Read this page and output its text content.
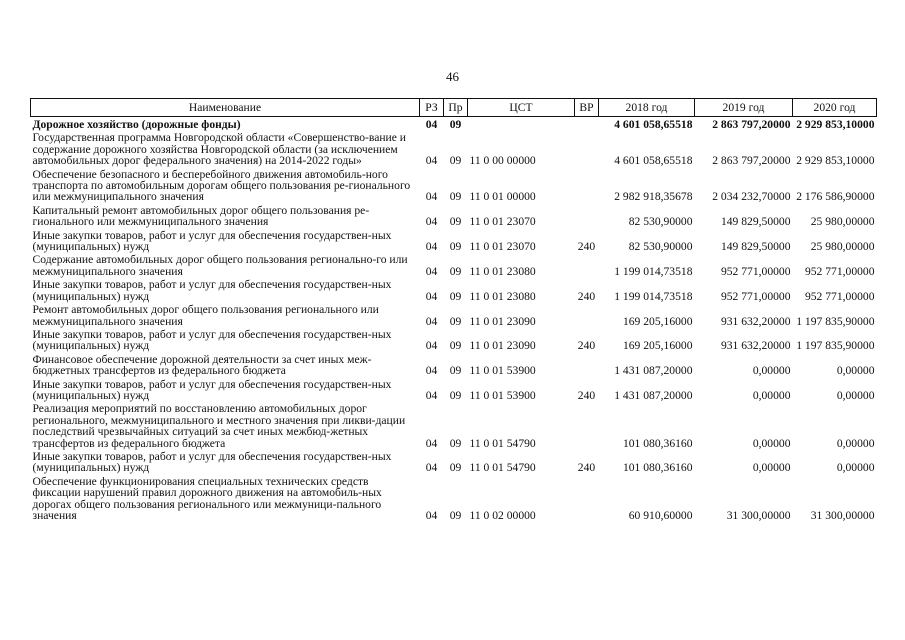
46
Наименование	РЗ	Пр	ЦСТ	ВР	2018 год	2019 год	2020 год
Дорожное хозяйство (дорожные фонды)	04	09			4 601 058,65518	2 863 797,20000	2 929 853,10000
Государственная программа Новгородской области «Совершенство-вание и содержание дорожного хозяйства Новгородской области (за исключением автомобильных дорог федерального значения) на 2014-2022 годы»	04	09	11 0 00 00000		4 601 058,65518	2 863 797,20000	2 929 853,10000
Обеспечение безопасного и бесперебойного движения автомобиль-ного транспорта по автомобильным дорогам общего пользования ре-гионального или межмуниципального значения	04	09	11 0 01 00000		2 982 918,35678	2 034 232,70000	2 176 586,90000
Капитальный ремонт автомобильных дорог общего пользования ре-гионального или межмуниципального значения	04	09	11 0 01 23070		82 530,90000	149 829,50000	25 980,00000
Иные закупки товаров, работ и услуг для обеспечения государствен-ных (муниципальных) нужд	04	09	11 0 01 23070	240	82 530,90000	149 829,50000	25 980,00000
Содержание автомобильных дорог общего пользования регионально-го или межмуниципального значения	04	09	11 0 01 23080		1 199 014,73518	952 771,00000	952 771,00000
Иные закупки товаров, работ и услуг для обеспечения государствен-ных (муниципальных) нужд	04	09	11 0 01 23080	240	1 199 014,73518	952 771,00000	952 771,00000
Ремонт автомобильных дорог общего пользования регионального или межмуниципального значения	04	09	11 0 01 23090		169 205,16000	931 632,20000	1 197 835,90000
Иные закупки товаров, работ и услуг для обеспечения государствен-ных (муниципальных) нужд	04	09	11 0 01 23090	240	169 205,16000	931 632,20000	1 197 835,90000
Финансовое обеспечение дорожной деятельности за счет иных меж-бюджетных трансфертов из федерального бюджета	04	09	11 0 01 53900		1 431 087,20000	0,00000	0,00000
Иные закупки товаров, работ и услуг для обеспечения государствен-ных (муниципальных) нужд	04	09	11 0 01 53900	240	1 431 087,20000	0,00000	0,00000
Реализация мероприятий по восстановлению автомобильных дорог регионального, межмуниципального и местного значения при ликви-дации последствий чрезвычайных ситуаций за счет иных межбюд-жетных трансфертов из федерального бюджета	04	09	11 0 01 54790		101 080,36160	0,00000	0,00000
Иные закупки товаров, работ и услуг для обеспечения государствен-ных (муниципальных) нужд	04	09	11 0 01 54790	240	101 080,36160	0,00000	0,00000
Обеспечение функционирования специальных технических средств фиксации нарушений правил дорожного движения на автомобиль-ных дорогах общего пользования регионального или межмуници-пального значения	04	09	11 0 02 00000		60 910,60000	31 300,00000	31 300,00000
